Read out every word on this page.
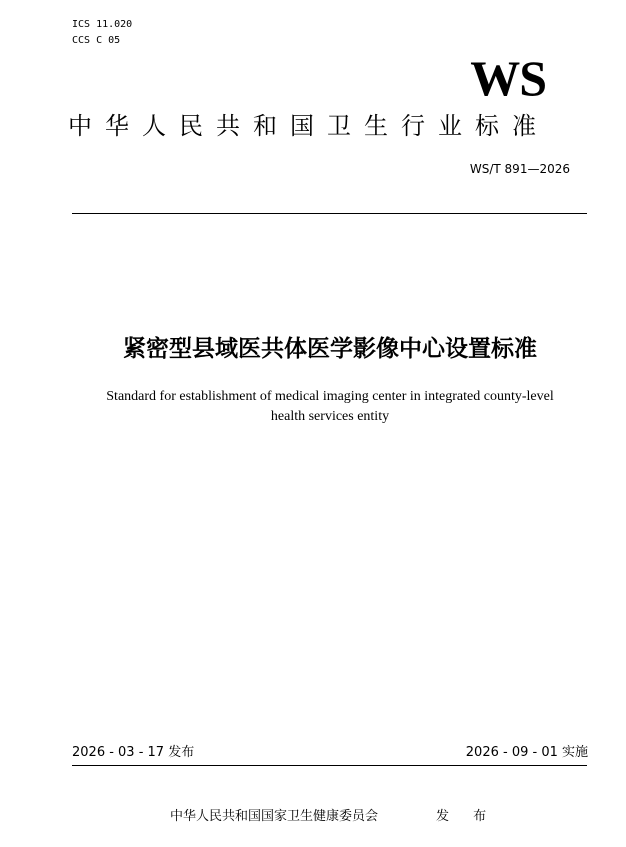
ICS 11.020
CCS C 05
WS
中华人民共和国卫生行业标准
WS/T 891—2026
紧密型县域医共体医学影像中心设置标准
Standard for establishment of medical imaging center in integrated county-level
health services entity
2026 - 03 - 17 发布	2026 - 09 - 01 实施
中华人民共和国国家卫生健康委员会	发 布
